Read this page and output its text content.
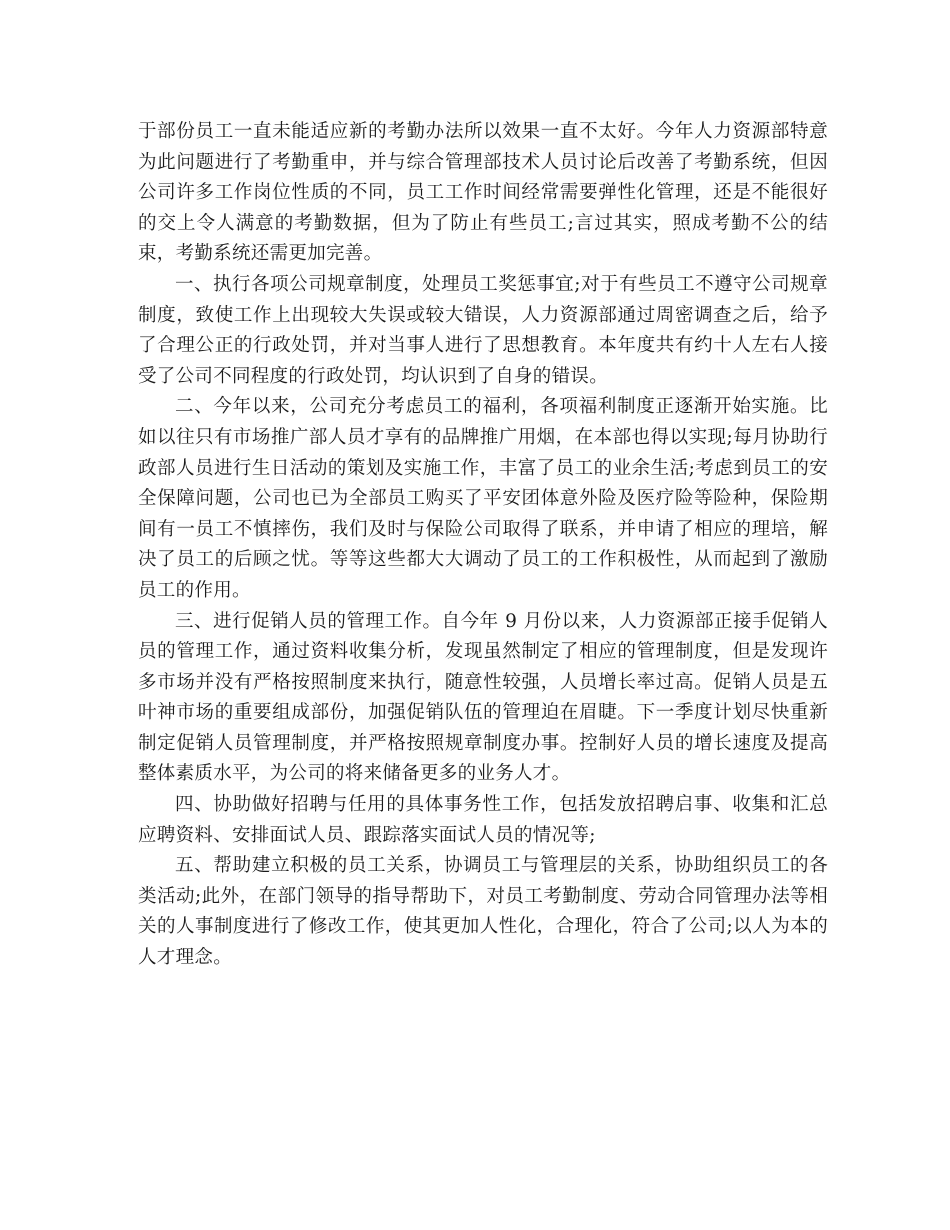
于部份员工一直未能适应新的考勤办法所以效果一直不太好。今年人力资源部特意为此问题进行了考勤重申，并与综合管理部技术人员讨论后改善了考勤系统，但因公司许多工作岗位性质的不同，员工工作时间经常需要弹性化管理，还是不能很好的交上令人满意的考勤数据，但为了防止有些员工;言过其实，照成考勤不公的结束，考勤系统还需更加完善。

一、执行各项公司规章制度，处理员工奖惩事宜;对于有些员工不遵守公司规章制度，致使工作上出现较大失误或较大错误，人力资源部通过周密调查之后，给予了合理公正的行政处罚，并对当事人进行了思想教育。本年度共有约十人左右人接受了公司不同程度的行政处罚，均认识到了自身的错误。

二、今年以来，公司充分考虑员工的福利，各项福利制度正逐渐开始实施。比如以往只有市场推广部人员才享有的品牌推广用烟，在本部也得以实现;每月协助行政部人员进行生日活动的策划及实施工作，丰富了员工的业余生活;考虑到员工的安全保障问题，公司也已为全部员工购买了平安团体意外险及医疗险等险种，保险期间有一员工不慎摔伤，我们及时与保险公司取得了联系，并申请了相应的理培，解决了员工的后顾之忧。等等这些都大大调动了员工的工作积极性，从而起到了激励员工的作用。

三、进行促销人员的管理工作。自今年 9 月份以来，人力资源部正接手促销人员的管理工作，通过资料收集分析，发现虽然制定了相应的管理制度，但是发现许多市场并没有严格按照制度来执行，随意性较强，人员增长率过高。促销人员是五叶神市场的重要组成部份，加强促销队伍的管理迫在眉睫。下一季度计划尽快重新制定促销人员管理制度，并严格按照规章制度办事。控制好人员的增长速度及提高整体素质水平，为公司的将来储备更多的业务人才。

四、协助做好招聘与任用的具体事务性工作，包括发放招聘启事、收集和汇总应聘资料、安排面试人员、跟踪落实面试人员的情况等;

五、帮助建立积极的员工关系，协调员工与管理层的关系，协助组织员工的各类活动;此外，在部门领导的指导帮助下，对员工考勤制度、劳动合同管理办法等相关的人事制度进行了修改工作，使其更加人性化，合理化，符合了公司;以人为本的人才理念。
